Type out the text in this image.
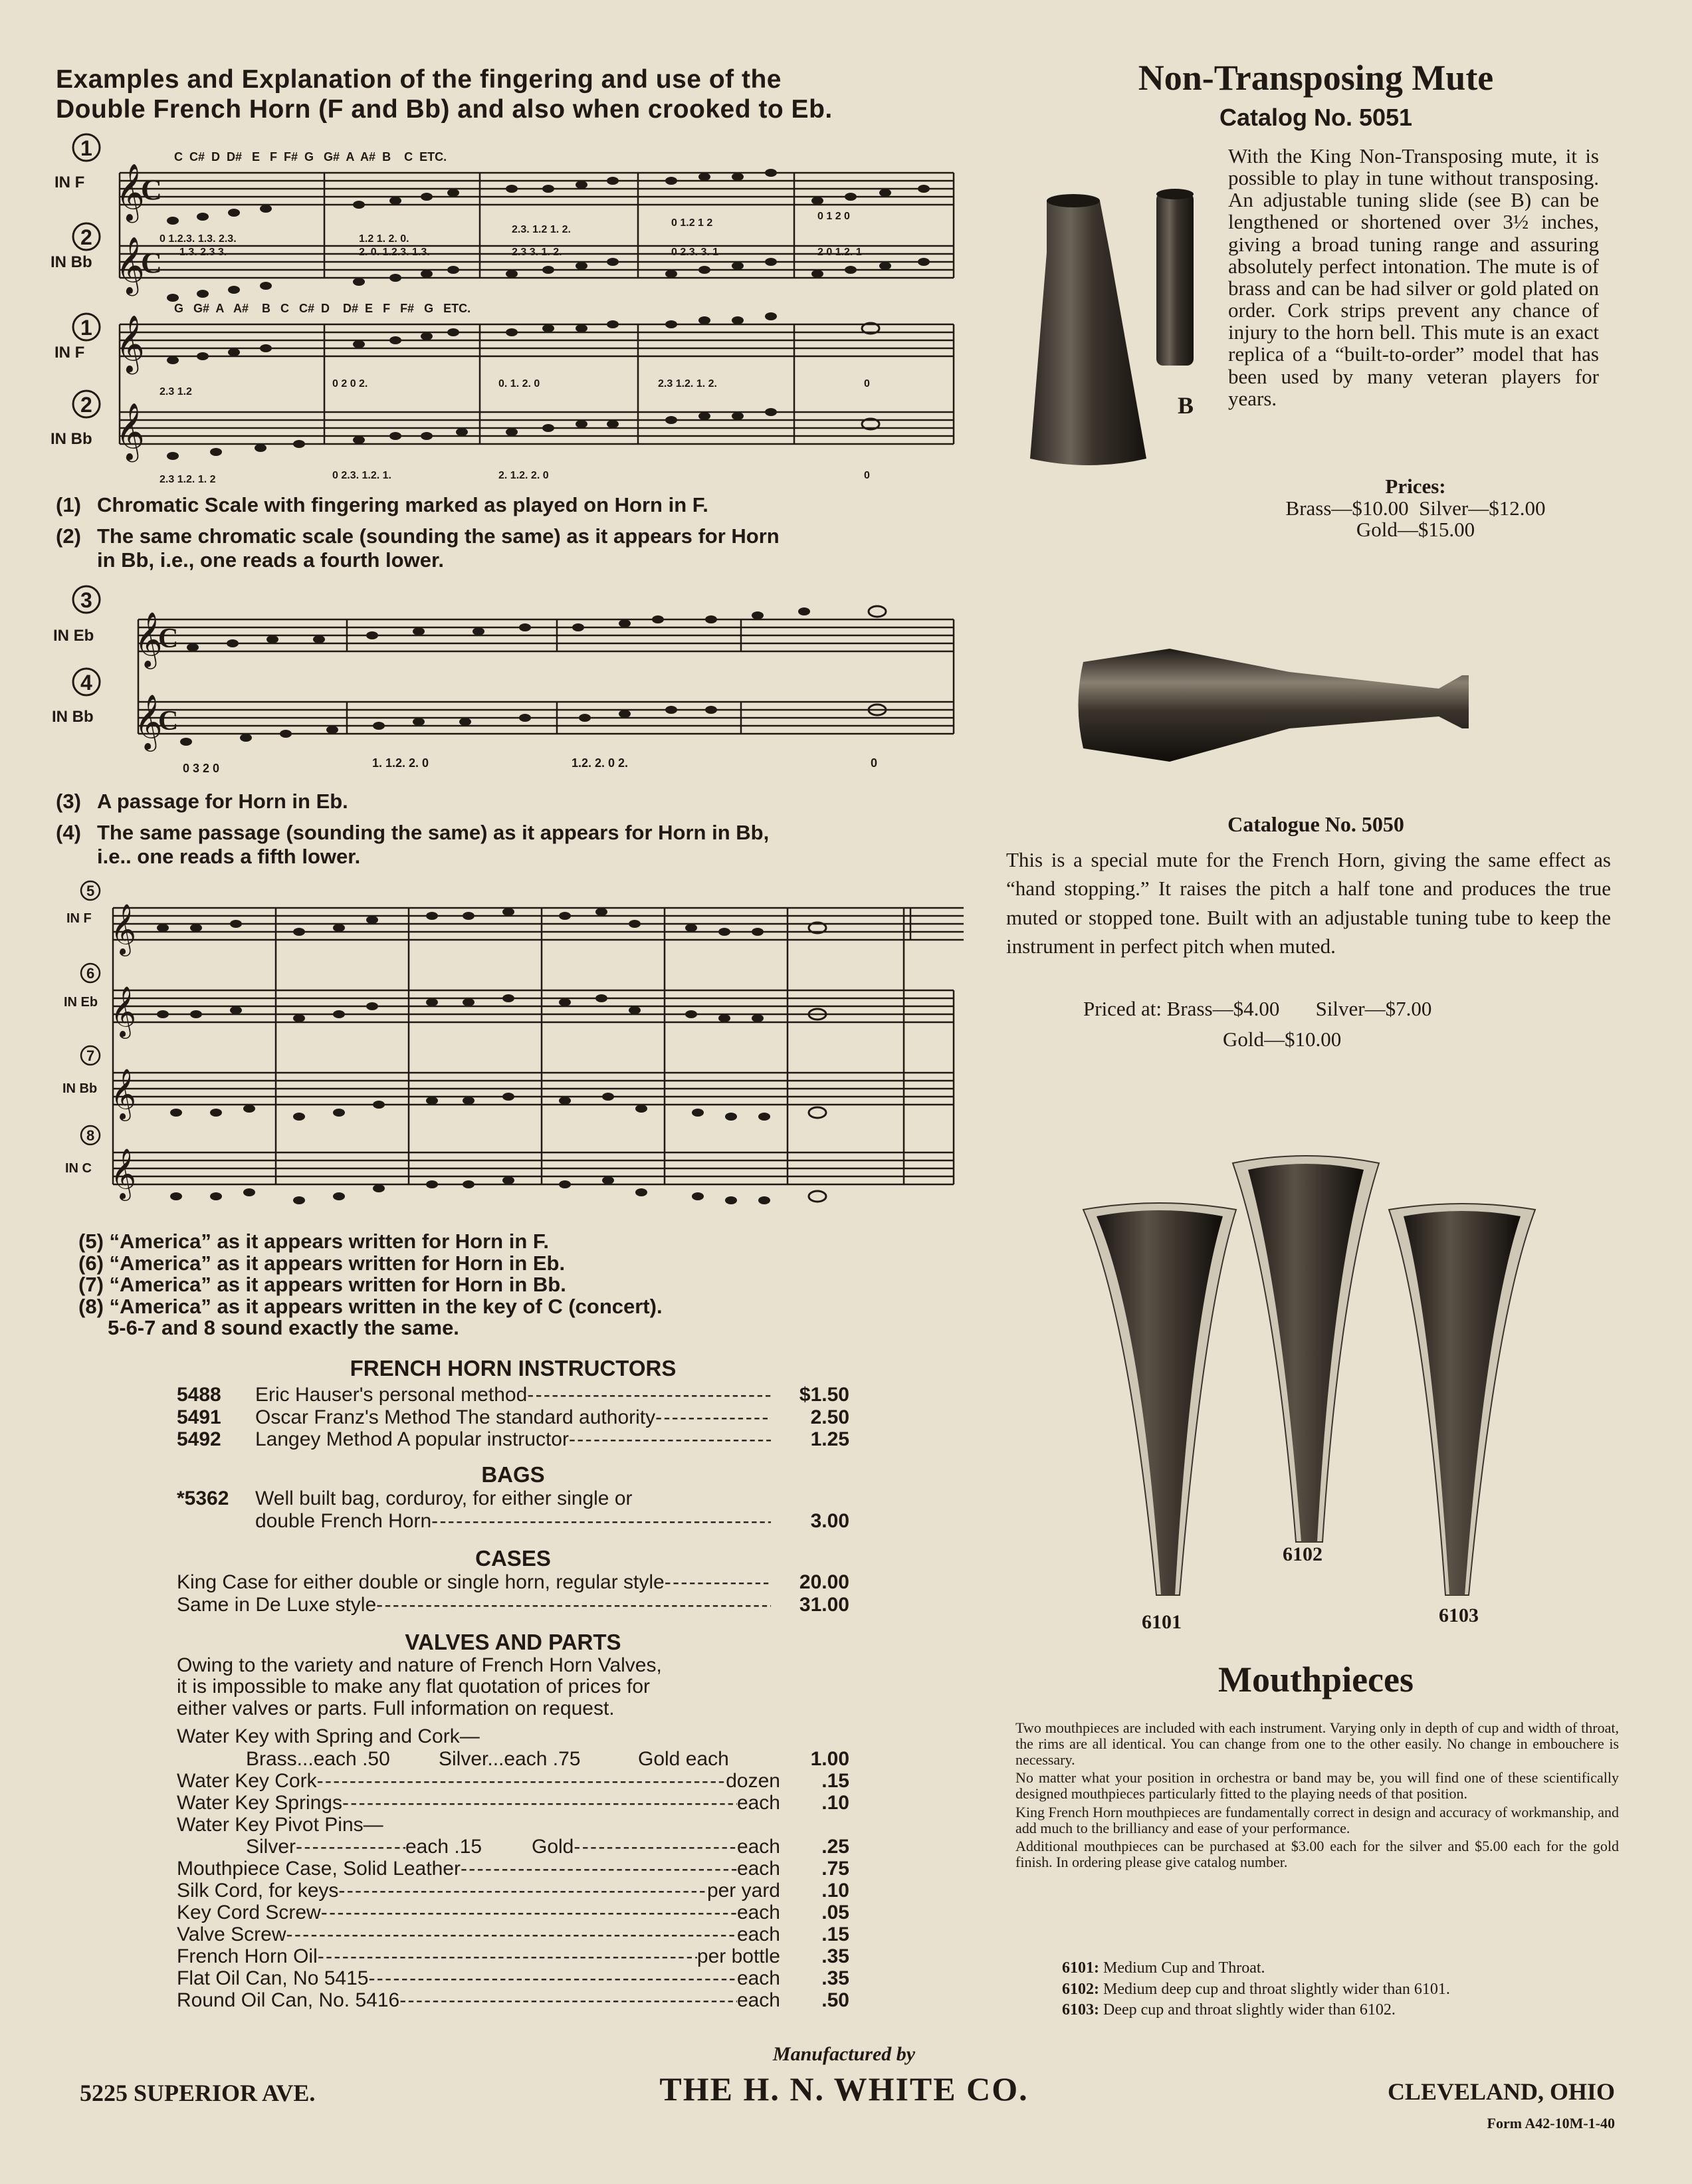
Examples and Explanation of the fingering and use of the
Double French Horn (F and Bb) and also when crooked to Eb.
𝄞
𝄞
𝄞
𝄞
C
C
0 1.2.3. 1.3. 2.3.	1.2 1. 2. 0.
2.3. 1.2 1. 2.
0 1.2 1 2
0 1 2 0
1.3. 2.3 3.	2. 0. 1.2.3. 1.3.	2.3 3. 1. 2.	0 2.3. 3. 1	2 0 1.2. 1
2.3 1.2
0 2 0 2.	0. 1. 2. 0	2.3 1.2. 1. 2.	0
2.3 1.2. 1. 2	0 2.3. 1.2. 1.	2. 1.2. 2. 0	0
1
IN F
2
IN Bb
1
IN F
2
IN Bb
C  C#  D  D#   E   F  F#  G   G#  A  A#  B    C  ETC.
G   G#  A   A#    B   C   C#  D    D#  E   F   F#   G   ETC.
(1) Chromatic Scale with fingering marked as played on Horn in F.
(2) The same chromatic scale (sounding the same) as it appears for Horn
in Bb, i.e., one reads a fourth lower.
𝄞
𝄞
C
C
0 3 2 0	1. 1.2. 2. 0	1.2. 2. 0 2.	0
3
IN Eb
4
IN Bb
(3) A passage for Horn in Eb.
(4) The same passage (sounding the same) as it appears for Horn in Bb,
i.e.. one reads a fifth lower.
𝄞
𝄞
𝄞
𝄞
5
IN F
6
IN Eb
7
IN Bb
8
IN C
(5) “America” as it appears written for Horn in F.
(6) “America” as it appears written for Horn in Eb.
(7) “America” as it appears written for Horn in Bb.
(8) “America” as it appears written in the key of C (concert).
5-6-7 and 8 sound exactly the same.
FRENCH HORN INSTRUCTORS
5488	Eric Hauser's personal method - - -	$1.50
5491	Oscar Franz's Method The standard authority - - -	2.50
5492	Langey Method A popular instructor - - -	1.25
BAGS
*5362	Well built bag, corduroy, for either single or
double French Horn - - -	3.00
CASES
King Case for either double or single horn, regular style - - -	20.00
Same in De Luxe style - - -	31.00
VALVES AND PARTS
Owing to the variety and nature of French Horn Valves,
it is impossible to make any flat quotation of prices for
either valves or parts. Full information on request.
Water Key with Spring and Cork—
Brass...each .50	Silver...each .75	Gold each	1.00
Water Key Cork - - -	dozen	.15
Water Key Springs - - -	each	.10
Water Key Pivot Pins—
Silver - - -	each .15	Gold - - -	each	.25
Mouthpiece Case, Solid Leather - - -	each	.75
Silk Cord, for keys - - -	per yard	.10
Key Cord Screw - - -	each	.05
Valve Screw - - -	each	.15
French Horn Oil - - -	per bottle	.35
Flat Oil Can, No 5415 - - -	each	.35
Round Oil Can, No. 5416 - - -	each	.50
Non-Transposing Mute
Catalog No. 5051
B
With the King Non-Transposing mute, it is possible to play in tune without transposing. An adjustable tuning slide (see B) can be lengthened or shortened over 3½ inches, giving a broad tuning range and assuring absolutely perfect intonation. The mute is of brass and can be had silver or gold plated on order. Cork strips prevent any chance of injury to the horn bell. This mute is an exact replica of a “built-to-order” model that has been used by many veteran players for years.
Prices:
Brass—$10.00 Silver—$12.00
Gold—$15.00
Catalogue No. 5050
This is a special mute for the French Horn, giving the same effect as “hand stopping.” It raises the pitch a half tone and produces the true muted or stopped tone. Built with an adjustable tuning tube to keep the instrument in perfect pitch when muted.
Priced at: Brass—$4.00 Silver—$7.00
Gold—$10.00
6101
6102
6103
Mouthpieces
Two mouthpieces are included with each instrument. Varying only in depth of cup and width of throat, the rims are all identical. You can change from one to the other easily. No change in embouchere is necessary.
No matter what your position in orchestra or band may be, you will find one of these scientifically designed mouthpieces particularly fitted to the playing needs of that position.
King French Horn mouthpieces are fundamentally correct in design and accuracy of workmanship, and add much to the brilliancy and ease of your performance.
Additional mouthpieces can be purchased at $3.00 each for the silver and $5.00 each for the gold finish. In ordering please give catalog number.
6101: Medium Cup and Throat.
6102: Medium deep cup and throat slightly wider than 6101.
6103: Deep cup and throat slightly wider than 6102.
Manufactured by
5225 SUPERIOR AVE.	THE H. N. WHITE CO.	CLEVELAND, OHIO
Form A42-10M-1-40
